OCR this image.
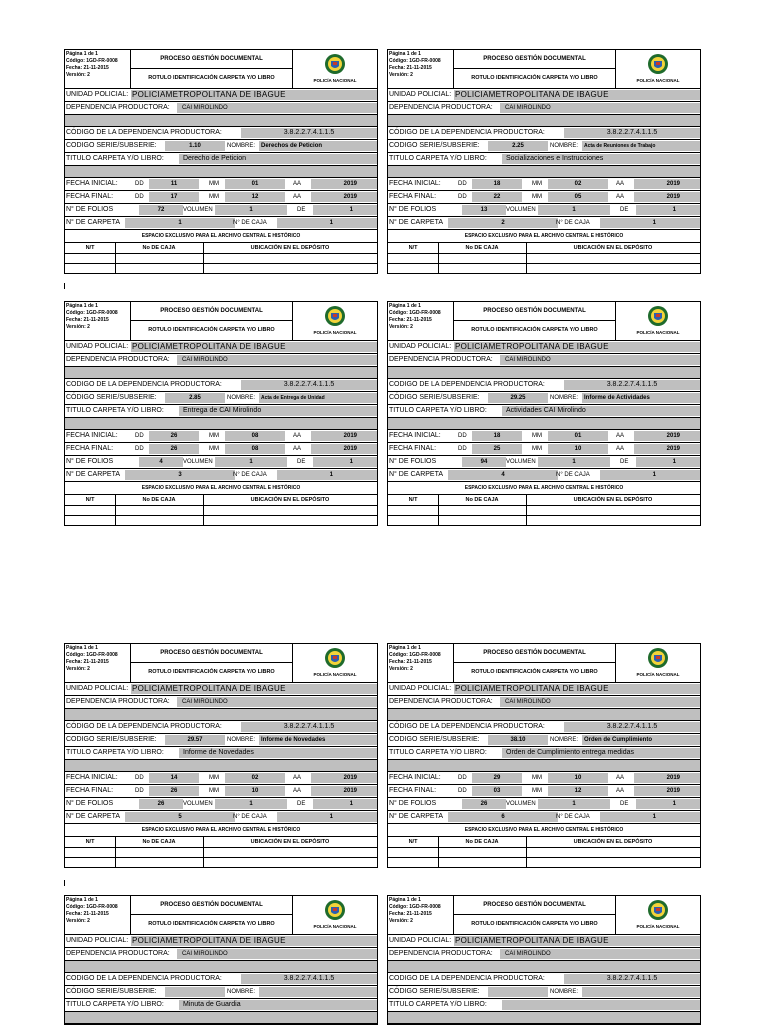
Página 1 de 1
Código: 1GD-FR-0008
Fecha: 21-11-2015
Versión: 2
PROCESO GESTIÓN DOCUMENTAL
ROTULO IDENTIFICACIÓN CARPETA Y/O LIBRO	POLICÍA NACIONAL
UNIDAD POLICIAL: POLICIAMETROPOLITANA DE IBAGUE
DEPENDENCIA PRODUCTORA:	CAI MIROLINDO
CÓDIGO DE LA DEPENDENCIA PRODUCTORA:	3.8.2.2.7.4.1.1.5
CODIGO SERIE/SUBSERIE:	1.10	NOMBRE: Derechos de Peticion
TITULO CARPETA Y/O LIBRO:	Derecho de Peticion
FECHA INICIAL:	DD	11	MM	01	AA	2019
FECHA FINAL:	DD	17	MM	12	AA	2019
N° DE FOLIOS	72	VOLUMEN	1	DE	1
N° DE CARPETA	1	N° DE CAJA	1
ESPACIO EXCLUSIVO PARA EL ARCHIVO CENTRAL E HISTÓRICO
N/T	No DE CAJA	UBICACIÓN EN EL DEPÓSITO
Página 1 de 1
Código: 1GD-FR-0008
Fecha: 21-11-2015
Versión: 2
PROCESO GESTIÓN DOCUMENTAL
ROTULO IDENTIFICACIÓN CARPETA Y/O LIBRO	POLICÍA NACIONAL
UNIDAD POLICIAL: POLICIAMETROPOLITANA DE IBAGUE
DEPENDENCIA PRODUCTORA:	CAI MIROLINDO
CÓDIGO DE LA DEPENDENCIA PRODUCTORA:	3.8.2.2.7.4.1.1.5
CODIGO SERIE/SUBSERIE:	2.25	NOMBRE:	Acta de Reuniones de Trabajo
TITULO CARPETA Y/O LIBRO:	Socializaciones e Instrucciones
FECHA INICIAL:	DD	18	MM	02	AA	2019
FECHA FINAL:	DD	22	MM	05	AA	2019
N° DE FOLIOS	13	VOLUMEN	1	DE	1
N° DE CARPETA	2	N° DE CAJA	1
ESPACIO EXCLUSIVO PARA EL ARCHIVO CENTRAL E HISTÓRICO
N/T	No DE CAJA	UBICACIÓN EN EL DEPÓSITO
Página 1 de 1
Código: 1GD-FR-0008
Fecha: 21-11-2015
Versión: 2
PROCESO GESTIÓN DOCUMENTAL
ROTULO IDENTIFICACIÓN CARPETA Y/O LIBRO	POLICÍA NACIONAL
UNIDAD POLICIAL: POLICIAMETROPOLITANA DE IBAGUE
DEPENDENCIA PRODUCTORA:	CAI MIROLINDO
CODIGO DE LA DEPENDENCIA PRODUCTORA:	3.8.2.2.7.4.1.1.5
CÓDIGO SERIE/SUBSERIE:	2.85	NOMBRE:	Acta de Entrega de Unidad
TITULO CARPETA Y/O LIBRO:	Entrega de CAI Mirolindo
FECHA INICIAL:	DD	26	MM	08	AA	2019
FECHA FINAL:	DD	26	MM	08	AA	2019
N° DE FOLIOS	4	VOLUMEN	1	DE	1
N° DE CARPETA	3	N° DE CAJA	1
ESPACIO EXCLUSIVO PARA EL ARCHIVO CENTRAL E HISTÓRICO
N/T	No DE CAJA	UBICACIÓN EN EL DEPÓSITO
Página 1 de 1
Código: 1GD-FR-0008
Fecha: 21-11-2015
Versión: 2
PROCESO GESTIÓN DOCUMENTAL
ROTULO IDENTIFICACIÓN CARPETA Y/O LIBRO	POLICÍA NACIONAL
UNIDAD POLICIAL: POLICIAMETROPOLITANA DE IBAGUE
DEPENDENCIA PRODUCTORA:	CAI MIROLINDO
CODIGO DE LA DEPENDENCIA PRODUCTORA:	3.8.2.2.7.4.1.1.5
CÓDIGO SERIE/SUBSERIE:	29.25	NOMBRE: Informe de Actividades
TITULO CARPETA Y/O LIBRO:	Actividades CAI Mirolindo
FECHA INICIAL:	DD	18	MM	01	AA	2019
FECHA FINAL:	DD	25	MM	10	AA	2019
N° DE FOLIOS	94	VOLUMEN	1	DE	1
N° DE CARPETA	4	N° DE CAJA	1
ESPACIO EXCLUSIVO PARA EL ARCHIVO CENTRAL E HISTÓRICO
N/T	No DE CAJA	UBICACIÓN EN EL DEPÓSITO
Página 1 de 1
Código: 1GD-FR-0008
Fecha: 21-11-2015
Versión: 2
PROCESO GESTIÓN DOCUMENTAL
ROTULO IDENTIFICACIÓN CARPETA Y/O LIBRO	POLICÍA NACIONAL
UNIDAD POLICIAL: POLICIAMETROPOLITANA DE IBAGUE
DEPENDENCIA PRODUCTORA:	CAI MIROLINDO
CÓDIGO DE LA DEPENDENCIA PRODUCTORA:	3.8.2.2.7.4.1.1.5
CODIGO SERIE/SUBSERIE:	29.57	NOMBRE: Informe de Novedades
TITULO CARPETA Y/O LIBRO:	Informe de Novedades
FECHA INICIAL:	DD	14	MM	02	AA	2019
FECHA FINAL:	DD	26	MM	10	AA	2019
N° DE FOLIOS	26	VOLUMEN	1	DE	1
N° DE CARPETA	5	N° DE CAJA	1
ESPACIO EXCLUSIVO PARA EL ARCHIVO CENTRAL E HISTÓRICO
N/T	No DE CAJA	UBICACIÓN EN EL DEPÓSITO
Página 1 de 1
Código: 1GD-FR-0008
Fecha: 21-11-2015
Versión: 2
PROCESO GESTIÓN DOCUMENTAL
ROTULO IDENTIFICACIÓN CARPETA Y/O LIBRO	POLICÍA NACIONAL
UNIDAD POLICIAL: POLICIAMETROPOLITANA DE IBAGUE
DEPENDENCIA PRODUCTORA:	CAI MIROLINDO
CÓDIGO DE LA DEPENDENCIA PRODUCTORA:	3.8.2.2.7.4.1.1.5
CODIGO SERIE/SUBSERIE:	38.10	NOMBRE: Orden de Cumplimiento
TITULO CARPETA Y/O LIBRO:	Orden de Cumplimiento entrega medidas
FECHA INICIAL:	DD	29	MM	10	AA	2019
FECHA FINAL:	DD	03	MM	12	AA	2019
N° DE FOLIOS	26	VOLUMEN	1	DE	1
N° DE CARPETA	6	N° DE CAJA	1
ESPACIO EXCLUSIVO PARA EL ARCHIVO CENTRAL E HISTÓRICO
N/T	No DE CAJA	UBICACIÓN EN EL DEPÓSITO
Página 1 de 1
Código: 1GD-FR-0008
Fecha: 21-11-2015
Versión: 2
PROCESO GESTIÓN DOCUMENTAL
ROTULO IDENTIFICACIÓN CARPETA Y/O LIBRO	POLICÍA NACIONAL
UNIDAD POLICIAL: POLICIAMETROPOLITANA DE IBAGUE
DEPENDENCIA PRODUCTORA:	CAI MIROLINDO
CODIGO DE LA DEPENDENCIA PRODUCTORA:	3.8.2.2.7.4.1.1.5
CÓDIGO SERIE/SUBSERIE:	NOMBRE:
TITULO CARPETA Y/O LIBRO:	Minuta de Guardia
Página 1 de 1
Código: 1GD-FR-0008
Fecha: 21-11-2015
Versión: 2
PROCESO GESTIÓN DOCUMENTAL
ROTULO IDENTIFICACIÓN CARPETA Y/O LIBRO	POLICÍA NACIONAL
UNIDAD POLICIAL: POLICIAMETROPOLITANA DE IBAGUE
DEPENDENCIA PRODUCTORA:	CAI MIROLINDO
CODIGO DE LA DEPENDENCIA PRODUCTORA:	3.8.2.2.7.4.1.1.5
CÓDIGO SERIE/SUBSERIE:	NOMBRE:
TITULO CARPETA Y/O LIBRO:
